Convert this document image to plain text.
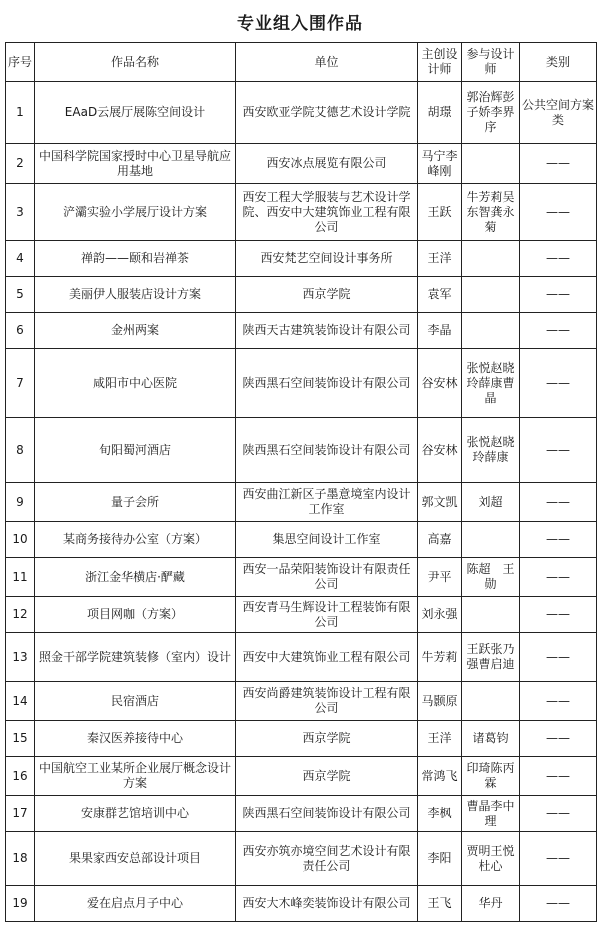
专业组入围作品
序号	作品名称	单位	主创设计师	参与设计师	类别
1	EAaD云展厅展陈空间设计	西安欧亚学院艾德艺术设计学院	胡璟	郭治辉彭子娇李界序	公共空间方案类
2	中国科学院国家授时中心卫星导航应用基地	西安冰点展览有限公司	马宁李峰刚		——
3	浐灞实验小学展厅设计方案	西安工程大学服装与艺术设计学院、西安中大建筑饰业工程有限公司	王跃	牛芳莉吴东智龚永菊	——
4	禅韵——颐和岩禅茶	西安梵艺空间设计事务所	王洋		——
5	美丽伊人服装店设计方案	西京学院	袁军		——
6	金州两案	陕西天古建筑装饰设计有限公司	李晶		——
7	咸阳市中心医院	陕西黑石空间装饰设计有限公司	谷安林	张悦赵晓玲薛康曹晶	——
8	旬阳蜀河酒店	陕西黑石空间装饰设计有限公司	谷安林	张悦赵晓玲薛康	——
9	量子会所	西安曲江新区子墨意境室内设计工作室	郭文凯	刘超	——
10	某商务接待办公室（方案）	集思空间设计工作室	高嘉		——
11	浙江金华横店·酽藏	西安一品荣阳装饰设计有限责任公司	尹平	陈超　王勋	——
12	项目网咖（方案）	西安青马生辉设计工程装饰有限公司	刘永强		——
13	照金干部学院建筑装修（室内）设计	西安中大建筑饰业工程有限公司	牛芳莉	王跃张乃强曹启迪	——
14	民宿酒店	西安尚爵建筑装饰设计工程有限公司	马颢原		——
15	秦汉医养接待中心	西京学院	王洋	诸葛钧	——
16	中国航空工业某所企业展厅概念设计方案	西京学院	常鸿飞	印琦陈丙霖	——
17	安康群艺馆培训中心	陕西黑石空间装饰设计有限公司	李枫	曹晶李中理	——
18	果果家西安总部设计项目	西安亦筑亦境空间艺术设计有限责任公司	李阳	贾明王悦杜心	——
19	爱在启点月子中心	西安大木峰奕装饰设计有限公司	王飞	华丹	——
